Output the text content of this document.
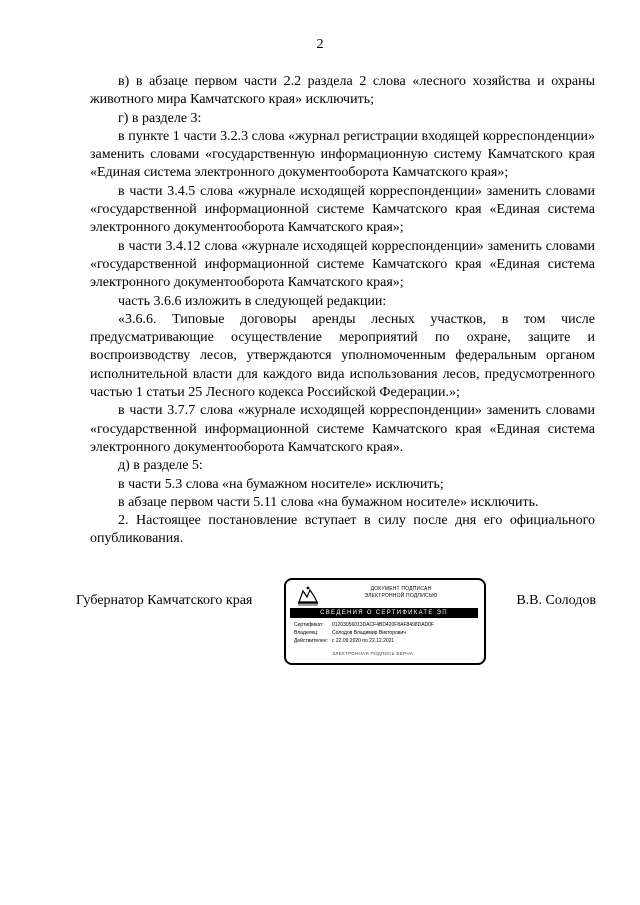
2

в) в абзаце первом части 2.2 раздела 2 слова «лесного хозяйства и охраны животного мира Камчатского края» исключить;

г) в разделе 3:

в пункте 1 части 3.2.3 слова «журнал регистрации входящей корреспонденции» заменить словами «государственную информационную систему Камчатского края «Единая система электронного документооборота Камчатского края»;

в части 3.4.5 слова «журнале исходящей корреспонденции» заменить словами «государственной информационной системе Камчатского края «Единая система электронного документооборота Камчатского края»;

в части 3.4.12 слова «журнале исходящей корреспонденции» заменить словами «государственной информационной системе Камчатского края «Единая система электронного документооборота Камчатского края»;

часть 3.6.6 изложить в следующей редакции:

«3.6.6. Типовые договоры аренды лесных участков, в том числе предусматривающие осуществление мероприятий по охране, защите и воспроизводству лесов, утверждаются уполномоченным федеральным органом исполнительной власти для каждого вида использования лесов, предусмотренного частью 1 статьи 25 Лесного кодекса Российской Федерации.»;

в части 3.7.7 слова «журнале исходящей корреспонденции» заменить словами «государственной информационной системе Камчатского края «Единая система электронного документооборота Камчатского края».

д) в разделе 5:

в части 5.3 слова «на бумажном носителе» исключить;

в абзаце первом части 5.11 слова «на бумажном носителе» исключить.

2. Настоящее постановление вступает в силу после дня его официального опубликования.

Губернатор Камчатского края	В.В. Солодов
ДОКУМЕНТ ПОДПИСАН
ЭЛЕКТРОННОЙ ПОДПИСЬЮ
СВЕДЕНИЯ О СЕРТИФИКАТЕ ЭП
Сертификат: 01203056013DACF4BD420F8AF8498DAD0F
Владелец:	Солодов Владимир Викторович
Действителен: с 22.09.2020 по 22.12.2021
ЭЛЕКТРОННАЯ ПОДПИСЬ ВЕРНА
